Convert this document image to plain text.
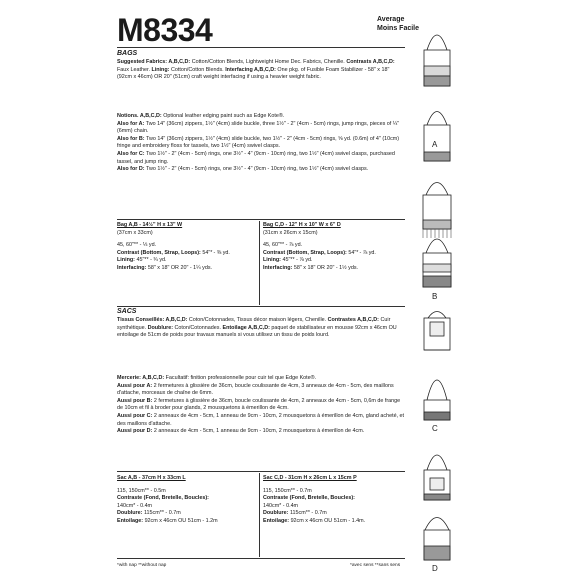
M8334	Average
Moins Facile
BAGS

Suggested Fabrics: A,B,C,D: Cotton/Cotton Blends, Lightweight Home Dec. Fabrics, Chenille. Contrasts A,B,C,D: Faux Leather. Lining: Cotton/Cotton Blends. Interfacing A,B,C,D: One pkg. of Fusible Foam Stabilizer - 58" x 18" (92cm x 46cm) OR 20" (51cm) craft weight interfacing if using a heavier weight fabric.

Notions. A,B,C,D: Optional leather edging paint such as Edge Kote®.
Also for A: Two 14" (36cm) zippers, 1½" (4cm) slide buckle, three 1½" - 2" (4cm - 5cm) rings, jump rings, pieces of ¼" (6mm) chain.
Also for B: Two 14" (36cm) zippers, 1½" (4cm) slide buckle, two 1½" - 2" (4cm - 5cm) rings, ⅝ yd. (0.6m) of 4" (10cm) fringe and embroidery floss for tassels, two 1½" (4cm) swivel clasps.
Also for C: Two 1½" - 2" (4cm - 5cm) rings, one 3½" - 4" (9cm - 10cm) ring, two 1½" (4cm) swivel clasps, purchased tassel, and jump ring.
Also for D: Two 1½" - 2" (4cm - 5cm) rings, one 3½" - 4" (9cm - 10cm) ring, two 1½" (4cm) swivel clasps.

Bag A,B - 14½" H x 13" W
(37cm x 33cm)
45, 60"** - ⅓ yd.
Contrast (Bottom, Strap, Loops): 54"* - ⅜ yd.
Lining: 45"** - ¾ yd.
Interfacing: 58" x 18" OR 20" - 1¼ yds.
Bag C,D - 12" H x 10" W x 6" D
(31cm x 26cm x 15cm)
45, 60"** - ⅞ yd.
Contrast (Bottom, Strap, Loops): 54"* - ⅞ yd.
Lining: 45"** - ⅞ yd.
Interfacing: 58" x 18" OR 20" - 1½ yds.
SACS

Tissus Conseillés: A,B,C,D: Coton/Cotonnades, Tissus décor maison légers, Chenille. Contrastes A,B,C,D: Cuir synthétique. Doublure: Coton/Cotonnades. Entoilage A,B,C,D: paquet de stabilisateur en mousse 92cm x 46cm OU entoilage de 51cm de poids pour travaux manuels si vous utilisez un tissu de poids lourd.

Mercerie: A,B,C,D: Facultatif: finition professionnelle pour cuir tel que Edge Kote®.
Aussi pour A: 2 fermetures à glissière de 36cm, boucle coulissante de 4cm, 3 anneaux de 4cm - 5cm, des maillons d'attache, morceaux de chaîne de 6mm.
Aussi pour B: 2 fermetures à glissière de 36cm, boucle coulissante de 4cm, 2 anneaux de 4cm - 5cm, 0,6m de frange de 10cm et fil à broder pour glands, 2 mousquetons à émerillon de 4cm.
Aussi pour C: 2 anneaux de 4cm - 5cm, 1 anneau de 9cm - 10cm, 2 mousquetons à émerillon de 4cm, gland acheté, et des maillons d'attache.
Aussi pour D: 2 anneaux de 4cm - 5cm, 1 anneau de 9cm - 10cm, 2 mousquetons à émerillon de 4cm.

Sac A,B - 37cm H x 33cm L
115, 150cm** - 0.5m
Contraste (Fond, Bretelle, Boucles):
140cm* - 0.4m
Doublure: 115cm** - 0.7m
Entoilage: 92cm x 46cm OU 51cm - 1.2m
Sac C,D - 31cm H x 26cm L x 15cm P
115, 150cm** - 0.7m
Contraste (Fond, Bretelle, Boucles):
140cm* - 0.4m
Doublure: 115cm** - 0.7m
Entoilage: 92cm x 46cm OU 51cm - 1.4m.
*with nap **without nap	*avec sens **sans sens
A
B
C
D
